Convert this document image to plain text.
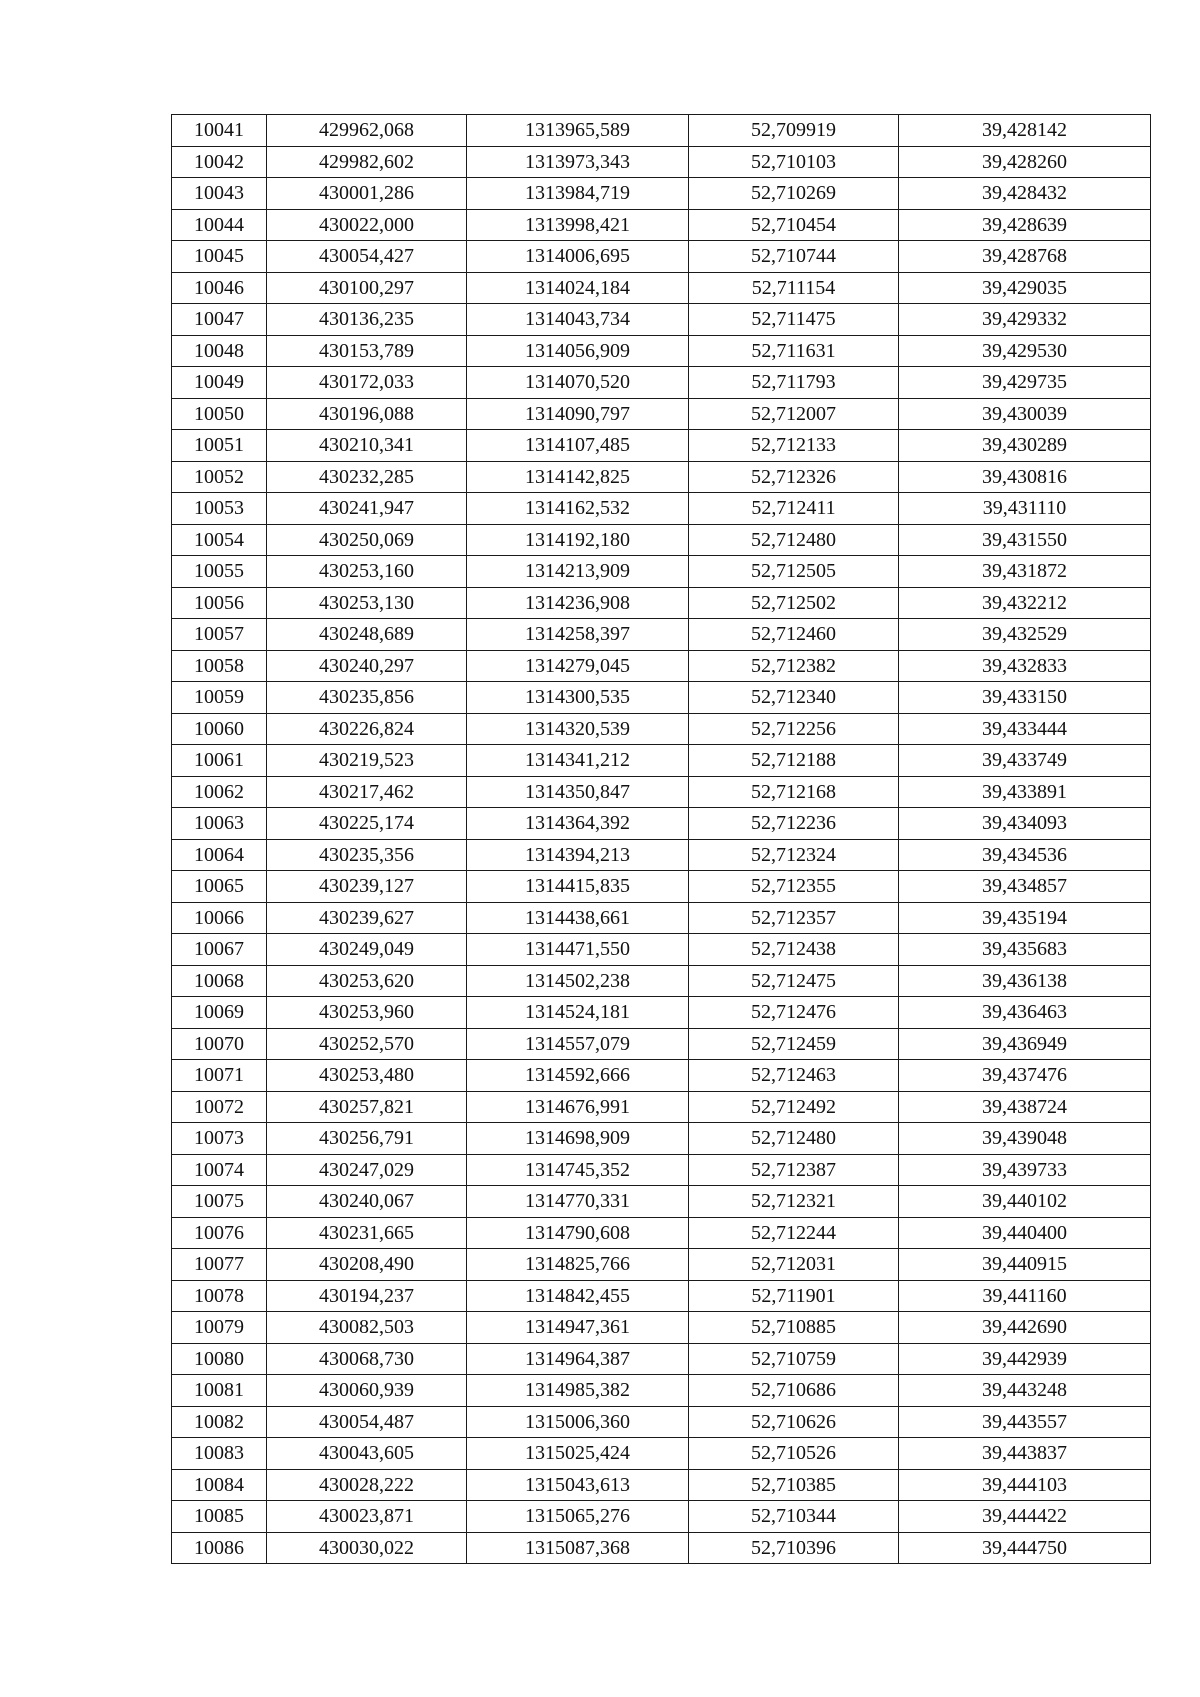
10041	429962,068	1313965,589	52,709919	39,428142
10042	429982,602	1313973,343	52,710103	39,428260
10043	430001,286	1313984,719	52,710269	39,428432
10044	430022,000	1313998,421	52,710454	39,428639
10045	430054,427	1314006,695	52,710744	39,428768
10046	430100,297	1314024,184	52,711154	39,429035
10047	430136,235	1314043,734	52,711475	39,429332
10048	430153,789	1314056,909	52,711631	39,429530
10049	430172,033	1314070,520	52,711793	39,429735
10050	430196,088	1314090,797	52,712007	39,430039
10051	430210,341	1314107,485	52,712133	39,430289
10052	430232,285	1314142,825	52,712326	39,430816
10053	430241,947	1314162,532	52,712411	39,431110
10054	430250,069	1314192,180	52,712480	39,431550
10055	430253,160	1314213,909	52,712505	39,431872
10056	430253,130	1314236,908	52,712502	39,432212
10057	430248,689	1314258,397	52,712460	39,432529
10058	430240,297	1314279,045	52,712382	39,432833
10059	430235,856	1314300,535	52,712340	39,433150
10060	430226,824	1314320,539	52,712256	39,433444
10061	430219,523	1314341,212	52,712188	39,433749
10062	430217,462	1314350,847	52,712168	39,433891
10063	430225,174	1314364,392	52,712236	39,434093
10064	430235,356	1314394,213	52,712324	39,434536
10065	430239,127	1314415,835	52,712355	39,434857
10066	430239,627	1314438,661	52,712357	39,435194
10067	430249,049	1314471,550	52,712438	39,435683
10068	430253,620	1314502,238	52,712475	39,436138
10069	430253,960	1314524,181	52,712476	39,436463
10070	430252,570	1314557,079	52,712459	39,436949
10071	430253,480	1314592,666	52,712463	39,437476
10072	430257,821	1314676,991	52,712492	39,438724
10073	430256,791	1314698,909	52,712480	39,439048
10074	430247,029	1314745,352	52,712387	39,439733
10075	430240,067	1314770,331	52,712321	39,440102
10076	430231,665	1314790,608	52,712244	39,440400
10077	430208,490	1314825,766	52,712031	39,440915
10078	430194,237	1314842,455	52,711901	39,441160
10079	430082,503	1314947,361	52,710885	39,442690
10080	430068,730	1314964,387	52,710759	39,442939
10081	430060,939	1314985,382	52,710686	39,443248
10082	430054,487	1315006,360	52,710626	39,443557
10083	430043,605	1315025,424	52,710526	39,443837
10084	430028,222	1315043,613	52,710385	39,444103
10085	430023,871	1315065,276	52,710344	39,444422
10086	430030,022	1315087,368	52,710396	39,444750
